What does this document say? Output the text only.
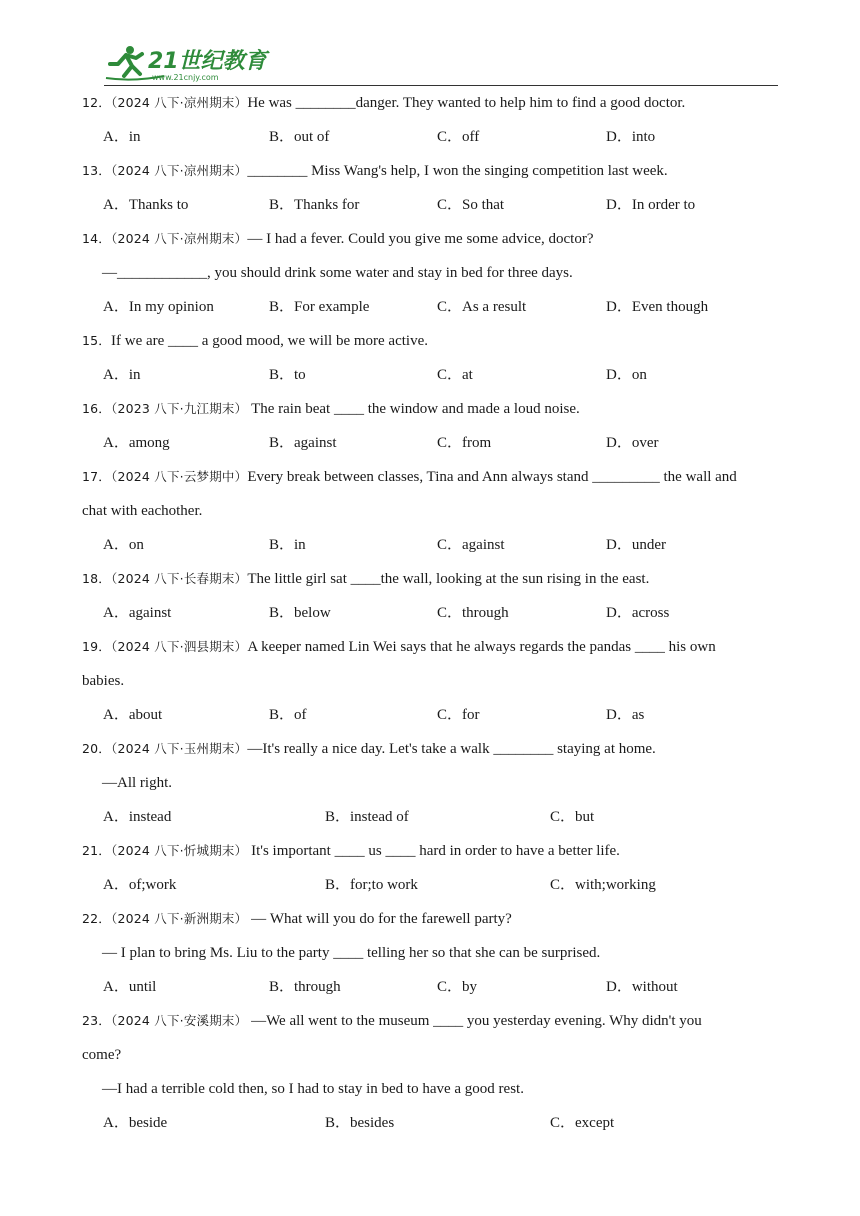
21世纪教育
www.21cnjy.com
12．（2024 八下·凉州期末）He was ________danger. They wanted to help him to find a good doctor.
A．in	B．out of	C．off	D．into
13．（2024 八下·凉州期末）________ Miss Wang's help, I won the singing competition last week.
A．Thanks to	B．Thanks for	C．So that	D．In order to
14．（2024 八下·凉州期末）— I had a fever. Could you give me some advice, doctor?
—____________, you should drink some water and stay in bed for three days.
A．In my opinion	B．For example	C．As a result	D．Even though
15．If we are ____ a good mood, we will be more active.
A．in	B．to	C．at	D．on
16．（2023 八下·九江期末） The rain beat ____ the window and made a loud noise.
A．among	B．against	C．from	D．over
17．（2024 八下·云梦期中）Every break between classes, Tina and Ann always stand _________ the wall and
chat with eachother.
A．on	B．in	C．against	D．under
18．（2024 八下·长春期末）The little girl sat ____the wall, looking at the sun rising in the east.
A．against	B．below	C．through	D．across
19．（2024 八下·泗县期末）A keeper named Lin Wei says that he always regards the pandas ____ his own
babies.
A．about	B．of	C．for	D．as
20．（2024 八下·玉州期末）—It's really a nice day. Let's take a walk ________ staying at home.
—All right.
A．instead	B．instead of	C．but
21．（2024 八下·忻城期末） It's important ____ us ____ hard in order to have a better life.
A．of;work	B．for;to work	C．with;working
22．（2024 八下·新洲期末） — What will you do for the farewell party?
— I plan to bring Ms. Liu to the party ____ telling her so that she can be surprised.
A．until	B．through	C．by	D．without
23．（2024 八下·安溪期末） —We all went to the museum ____ you yesterday evening. Why didn't you
come?
—I had a terrible cold then, so I had to stay in bed to have a good rest.
A．beside	B．besides	C．except
